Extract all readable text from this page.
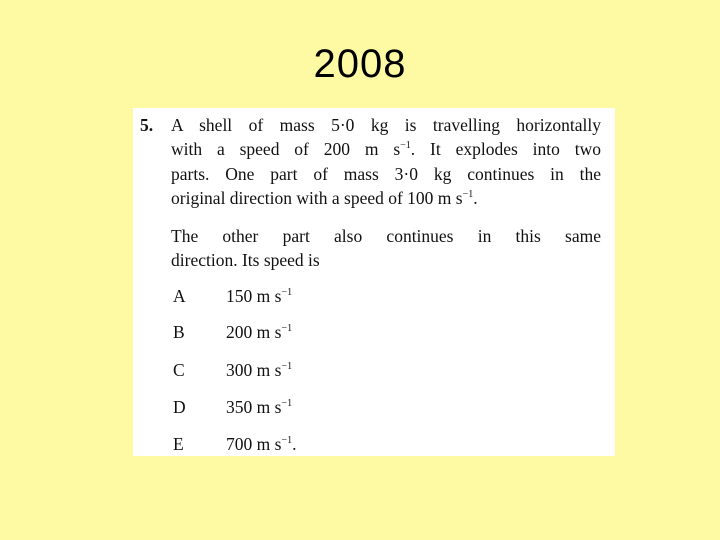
2008
5. A shell of mass 5·0 kg is travelling horizontally
with a speed of 200 m $s^{-1}$. It explodes into two
parts. One part of mass 3·0 kg continues in the
original direction with a speed of 100 m $s^{-1}$.
The other part also continues in this same
direction. Its speed is
A 150 m $s^{-1}$
B 200 m $s^{-1}$
C 300 m $s^{-1}$
D 350 m $s^{-1}$
E 700 m $s^{-1}$.
